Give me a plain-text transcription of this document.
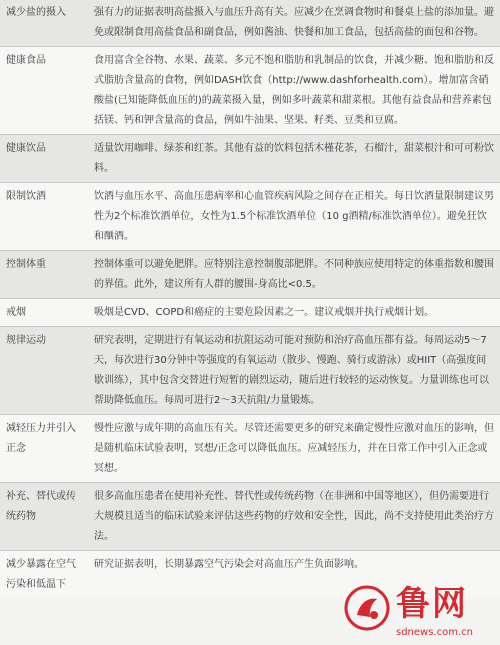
减少盐的摄入	强有力的证据表明高盐摄入与血压升高有关。应减少在烹调食物时和餐桌上盐的添加量。避免或限制食用高盐食品和副食品，例如酱油、快餐和加工食品，包括高盐的面包和谷物。
健康食品	食用富含全谷物、水果、蔬菜、多元不饱和脂肪和乳制品的饮食，并减少糖、饱和脂肪和反式脂肪含量高的食物，例如DASH饮食（http://www.dashforhealth.com）。增加富含硝酸盐(已知能降低血压的)的蔬菜摄入量，例如多叶蔬菜和甜菜根。其他有益食品和营养素包括镁、钙和钾含量高的食品，例如牛油果、坚果、籽类、豆类和豆腐。
健康饮品	适量饮用咖啡、绿茶和红茶。其他有益的饮料包括木槿花茶，石榴汁，甜菜根汁和可可粉饮料。
限制饮酒	饮酒与血压水平、高血压患病率和心血管疾病风险之间存在正相关。每日饮酒量限制建议男性为2个标准饮酒单位，女性为1.5个标准饮酒单位（10 g酒精/标准饮酒单位）。避免狂饮和酗酒。
控制体重	控制体重可以避免肥胖。应特别注意控制腹部肥胖。不同种族应使用特定的体重指数和腰围的界值。此外，建议所有人群的腰围-身高比<0.5。
戒烟	吸烟是CVD、COPD和癌症的主要危险因素之一。建议戒烟并执行戒烟计划。
规律运动	研究表明，定期进行有氧运动和抗阻运动可能对预防和治疗高血压都有益。每周运动5～7天，每次进行30分钟中等强度的有氧运动（散步、慢跑、骑行或游泳）或HIIT（高强度间歇训练），其中包含交替进行短暂的剧烈运动，随后进行较轻的运动恢复。力量训练也可以帮助降低血压。每周可进行2～3天抗阻/力量锻炼。
减轻压力并引入正念	慢性应激与成年期的高血压有关。尽管还需要更多的研究来确定慢性应激对血压的影响，但是随机临床试验表明，冥想/正念可以降低血压。应减轻压力，并在日常工作中引入正念或冥想。
补充、替代或传统药物	很多高血压患者在使用补充性、替代性或传统药物（在非洲和中国等地区），但仍需要进行大规模且适当的临床试验来评估这些药物的疗效和安全性，因此，尚不支持使用此类治疗方法。
减少暴露在空气污染和低温下	研究证据表明，长期暴露空气污染会对高血压产生负面影响。
鲁网
sdnews.com.cn
